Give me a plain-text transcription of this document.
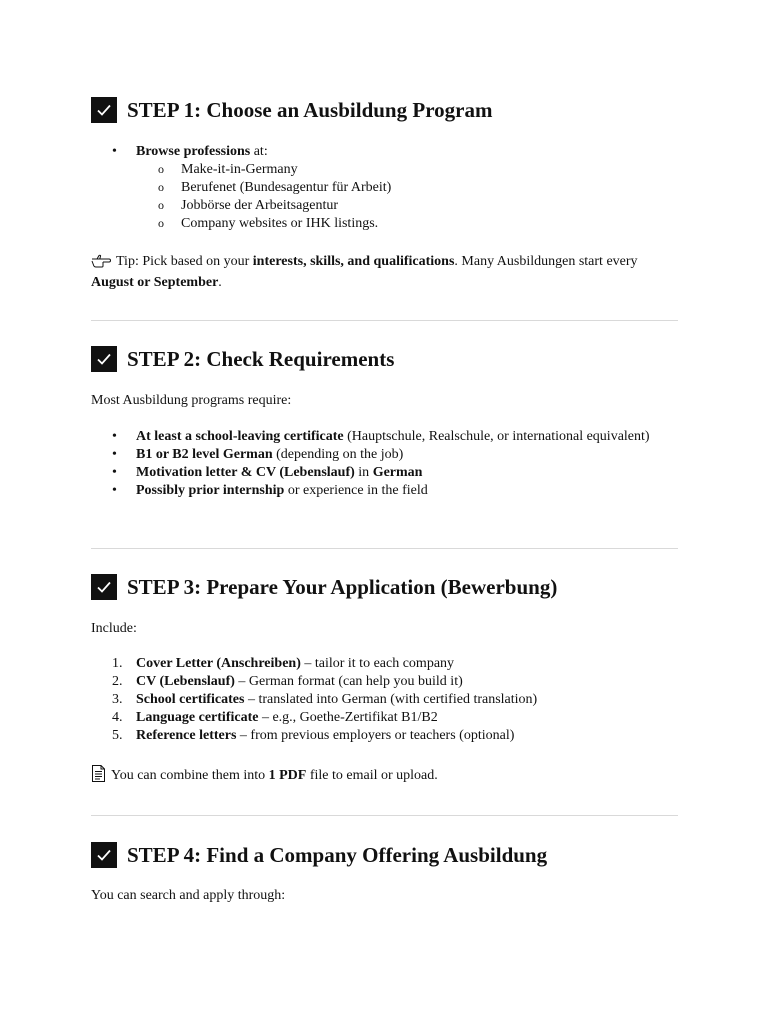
STEP 1: Choose an Ausbildung Program
• Browse professions at:
o Make-it-in-Germany
o Berufenet (Bundesagentur für Arbeit)
o Jobbörse der Arbeitsagentur
o Company websites or IHK listings.

Tip: Pick based on your interests, skills, and qualifications. Many Ausbildungen start every August or September.

STEP 2: Check Requirements

Most Ausbildung programs require:

• At least a school-leaving certificate (Hauptschule, Realschule, or international equivalent)
• B1 or B2 level German (depending on the job)
• Motivation letter & CV (Lebenslauf) in German
• Possibly prior internship or experience in the field
STEP 3: Prepare Your Application (Bewerbung)

Include:

1. Cover Letter (Anschreiben) – tailor it to each company
2. CV (Lebenslauf) – German format (can help you build it)
3. School certificates – translated into German (with certified translation)
4. Language certificate – e.g., Goethe-Zertifikat B1/B2
5. Reference letters – from previous employers or teachers (optional)

You can combine them into 1 PDF file to email or upload.

STEP 4: Find a Company Offering Ausbildung

You can search and apply through:
